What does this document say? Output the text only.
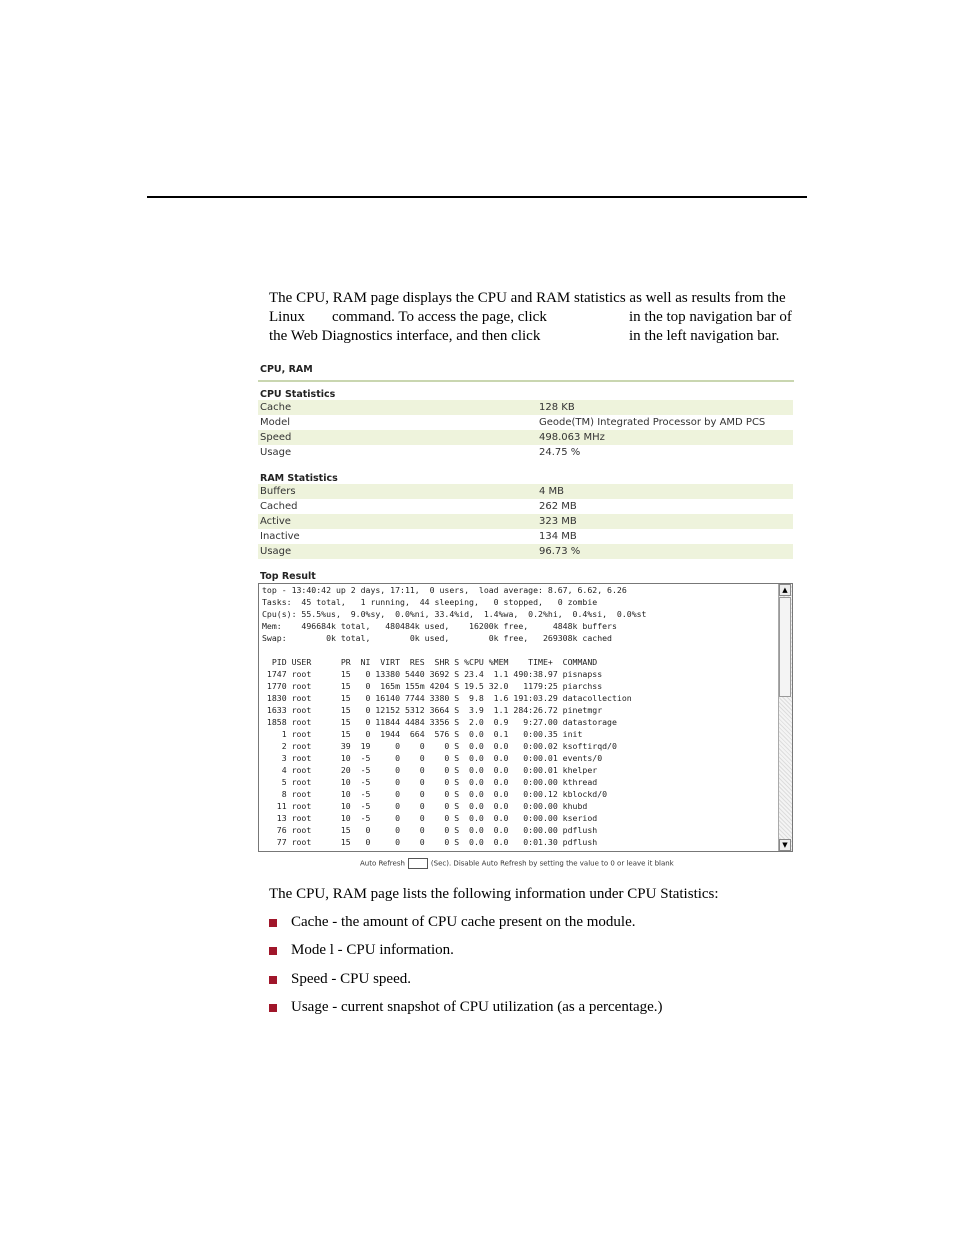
The CPU, RAM page displays the CPU and RAM statistics as well as results from the
Linux command. To access the page, click	in the top navigation bar of
the Web Diagnostics interface, and then click	in the left navigation bar.
CPU, RAM
CPU Statistics
Cache	128 KB
Model	Geode(TM) Integrated Processor by AMD PCS
Speed	498.063 MHz
Usage	24.75 %
RAM Statistics
Buffers	4 MB
Cached	262 MB
Active	323 MB
Inactive	134 MB
Usage	96.73 %
Top Result
top - 13:40:42 up 2 days, 17:11,  0 users,  load average: 8.67, 6.62, 6.26
Tasks:  45 total,   1 running,  44 sleeping,   0 stopped,   0 zombie
Cpu(s): 55.5%us,  9.0%sy,  0.0%ni, 33.4%id,  1.4%wa,  0.2%hi,  0.4%si,  0.0%st
Mem:    496684k total,   480484k used,    16200k free,     4848k buffers
Swap:        0k total,        0k used,        0k free,   269308k cached

PID USER      PR  NI  VIRT  RES  SHR S %CPU %MEM    TIME+  COMMAND
1747 root      15   0 13380 5440 3692 S 23.4  1.1 490:38.97 pisnapss
1770 root      15   0  165m 155m 4204 S 19.5 32.0   1179:25 piarchss
1830 root      15   0 16140 7744 3380 S  9.8  1.6 191:03.29 datacollection
1633 root      15   0 12152 5312 3664 S  3.9  1.1 284:26.72 pinetmgr
1858 root      15   0 11844 4484 3356 S  2.0  0.9   9:27.00 datastorage
1 root      15   0  1944  664  576 S  0.0  0.1   0:00.35 init
2 root      39  19     0    0    0 S  0.0  0.0   0:00.02 ksoftirqd/0
3 root      10  -5     0    0    0 S  0.0  0.0   0:00.01 events/0
4 root      20  -5     0    0    0 S  0.0  0.0   0:00.01 khelper
5 root      10  -5     0    0    0 S  0.0  0.0   0:00.00 kthread
8 root      10  -5     0    0    0 S  0.0  0.0   0:00.12 kblockd/0
11 root      10  -5     0    0    0 S  0.0  0.0   0:00.00 khubd
13 root      10  -5     0    0    0 S  0.0  0.0   0:00.00 kseriod
76 root      15   0     0    0    0 S  0.0  0.0   0:00.00 pdflush
77 root      15   0     0    0    0 S  0.0  0.0   0:01.30 pdflush
▲
▼
Auto Refresh	(Sec). Disable Auto Refresh by setting the value to 0 or leave it blank
The CPU, RAM page lists the following information under CPU Statistics:
Cache - the amount of CPU cache present on the module.
Mode l - CPU information.
Speed - CPU speed.
Usage - current snapshot of CPU utilization (as a percentage.)
